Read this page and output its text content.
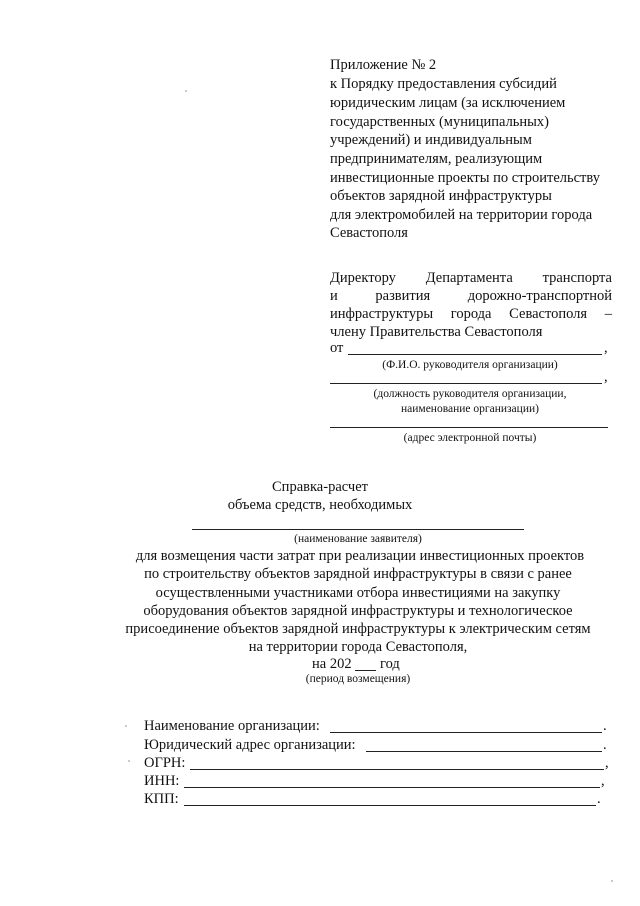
Приложение № 2
к Порядку предоставления субсидий
юридическим лицам (за исключением
государственных (муниципальных)
учреждений) и индивидуальным
предпринимателям, реализующим
инвестиционные проекты по строительству
объектов зарядной инфраструктуры
для электромобилей на территории города
Севастополя
Директору Департамента транспорта
и развития дорожно-транспортной
инфраструктуры города Севастополя –
члену Правительства Севастополя
от	,
(Ф.И.О. руководителя организации)
,
(должность руководителя организации,
наименование организации)
(адрес электронной почты)
Справка-расчет
объема средств, необходимых
(наименование заявителя)
для возмещения части затрат при реализации инвестиционных проектов
по строительству объектов зарядной инфраструктуры в связи с ранее
осуществленными участниками отбора инвестициями на закупку
оборудования объектов зарядной инфраструктуры и технологическое
присоединение объектов зарядной инфраструктуры к электрическим сетям
на территории города Севастополя,
на 202 год
(период возмещения)
Наименование организации:	.
Юридический адрес организации:	.
ОГРН:	,
ИНН:	,
КПП:	.
